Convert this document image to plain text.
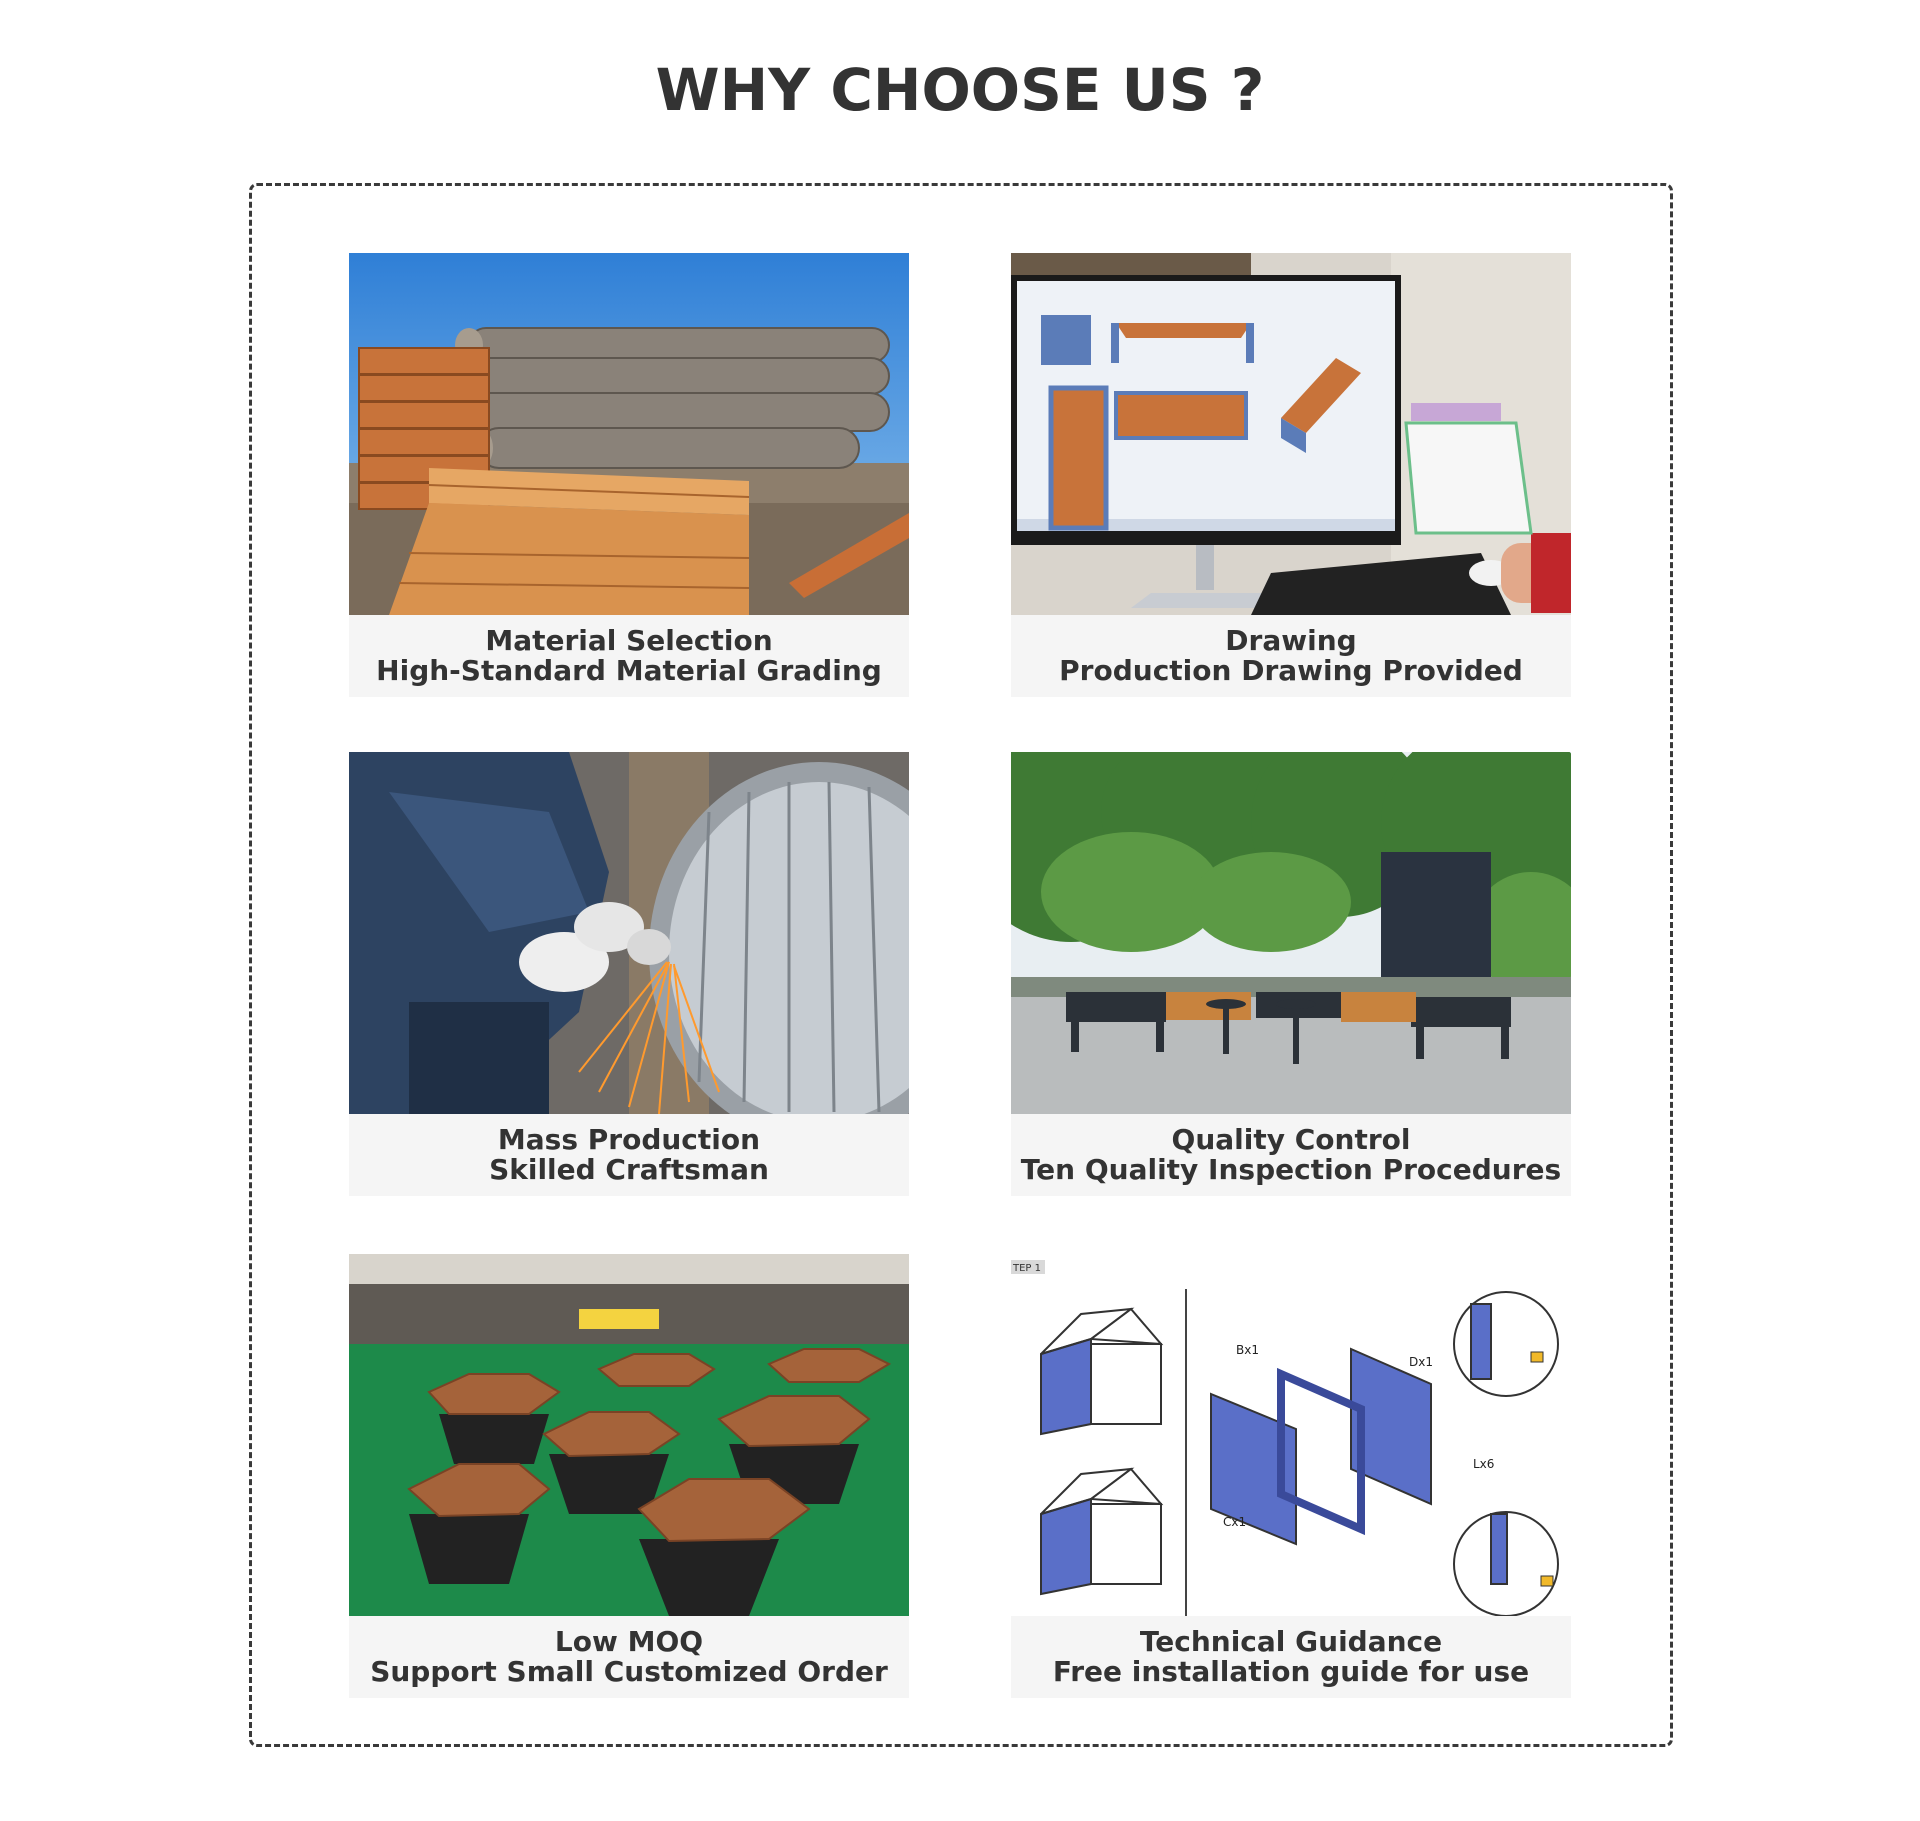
WHY CHOOSE US ?
Material Selection
High-Standard Material Grading
Drawing
Production Drawing Provided
Mass Production
Skilled Craftsman
Quality Control
Ten Quality Inspection Procedures
Low MOQ
Support Small Customized Order
TEP 1
Bx1
Dx1
Lx6
Cx1
Technical Guidance
Free installation guide for use
